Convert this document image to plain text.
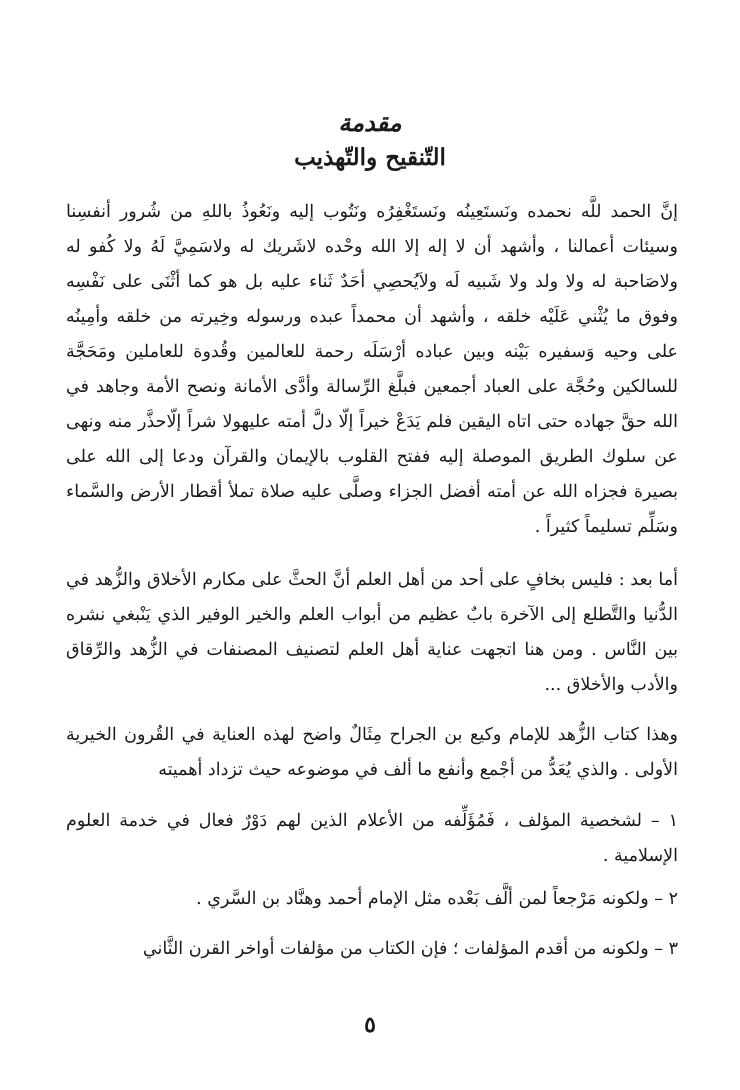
مقدمة
التّنقيح والتّهذيب

إنَّ الحمد للَّه نحمده ونَستَعِينُه ونَستَغْفِرُه ونَتُوب إليه ونَعُوذُ باللهِ من شُرور أنفسِنا وسيئات أعمالنا ، وأشهد أن لا إله إلا الله وحْده لاشَريك له ولاسَمِيَّ لَهُ ولا كُفو له ولاصَاحبة له ولا ولد ولا شَبيه لَه ولاَيُحصِي أحَدٌ ثَناء عليه بل هو كما أثْنَى على نَفْسِه وفوق ما يُثْني عَلَيْه خلقه ، وأشهد أن محمداً عبده ورسوله وخِيرته من خلقه وأمِينُه على وحيه وَسفيره بَيْنه وبين عباده أرْسَلَه رحمة للعالمين وقُدوة للعاملين ومَحَجَّة للسالكين وحُجَّة على العباد أجمعين فبلَّغ الرِّسالة وأدَّى الأمانة ونصح الأمة وجاهد في الله حقَّ جهاده حتى اتاه اليقين فلم يَدَعْ خيراً إلّا دلَّ أمته عليهولا شراً إلّاحذَّر منه ونهى عن سلوك الطريق الموصلة إليه ففتح القلوب بالإيمان والقرآن ودعا إلى الله على بصيرة فجزاه الله عن أمته أفضل الجزاء وصلَّى عليه صلاة تملأ أقطار الأرض والسَّماء وسَلِّم تسليماً كثيراً .

أما بعد : فليس بخافٍ على أحد من أهل العلم أنَّ الحثَّ على مكارم الأخلاق والزُّهد في الدُّنيا والتَّطلع إلى الآخرة بابٌ عظيم من أبواب العلم والخير الوفير الذي يَنْبغي نشره بين النَّاس . ومن هنا اتجهت عناية أهل العلم لتصنيف المصنفات في الزُّهد والرِّقاق والأدب والأخلاق ...

وهذا كتاب الزُّهد للإمام وكيع بن الجراح مِثَالٌ واضح لهذه العناية في القُرون الخيرية الأولى . والذي يُعَدُّ من أجْمع وأنفع ما ألف في موضوعه حيث تزداد أهميته

١ – لشخصية المؤلف ، فَمُؤَلِّفه من الأعلام الذين لهم دَوْرٌ فعال في خدمة العلوم الإسلامية .

٢ – ولكونه مَرْجعاً لمن ألَّف بَعْده مثل الإمام أحمد وهنَّاد بن السَّري .

٣ – ولكونه من أقدم المؤلفات ؛ فإن الكتاب من مؤلفات أواخر القرن الثَّاني

٥
